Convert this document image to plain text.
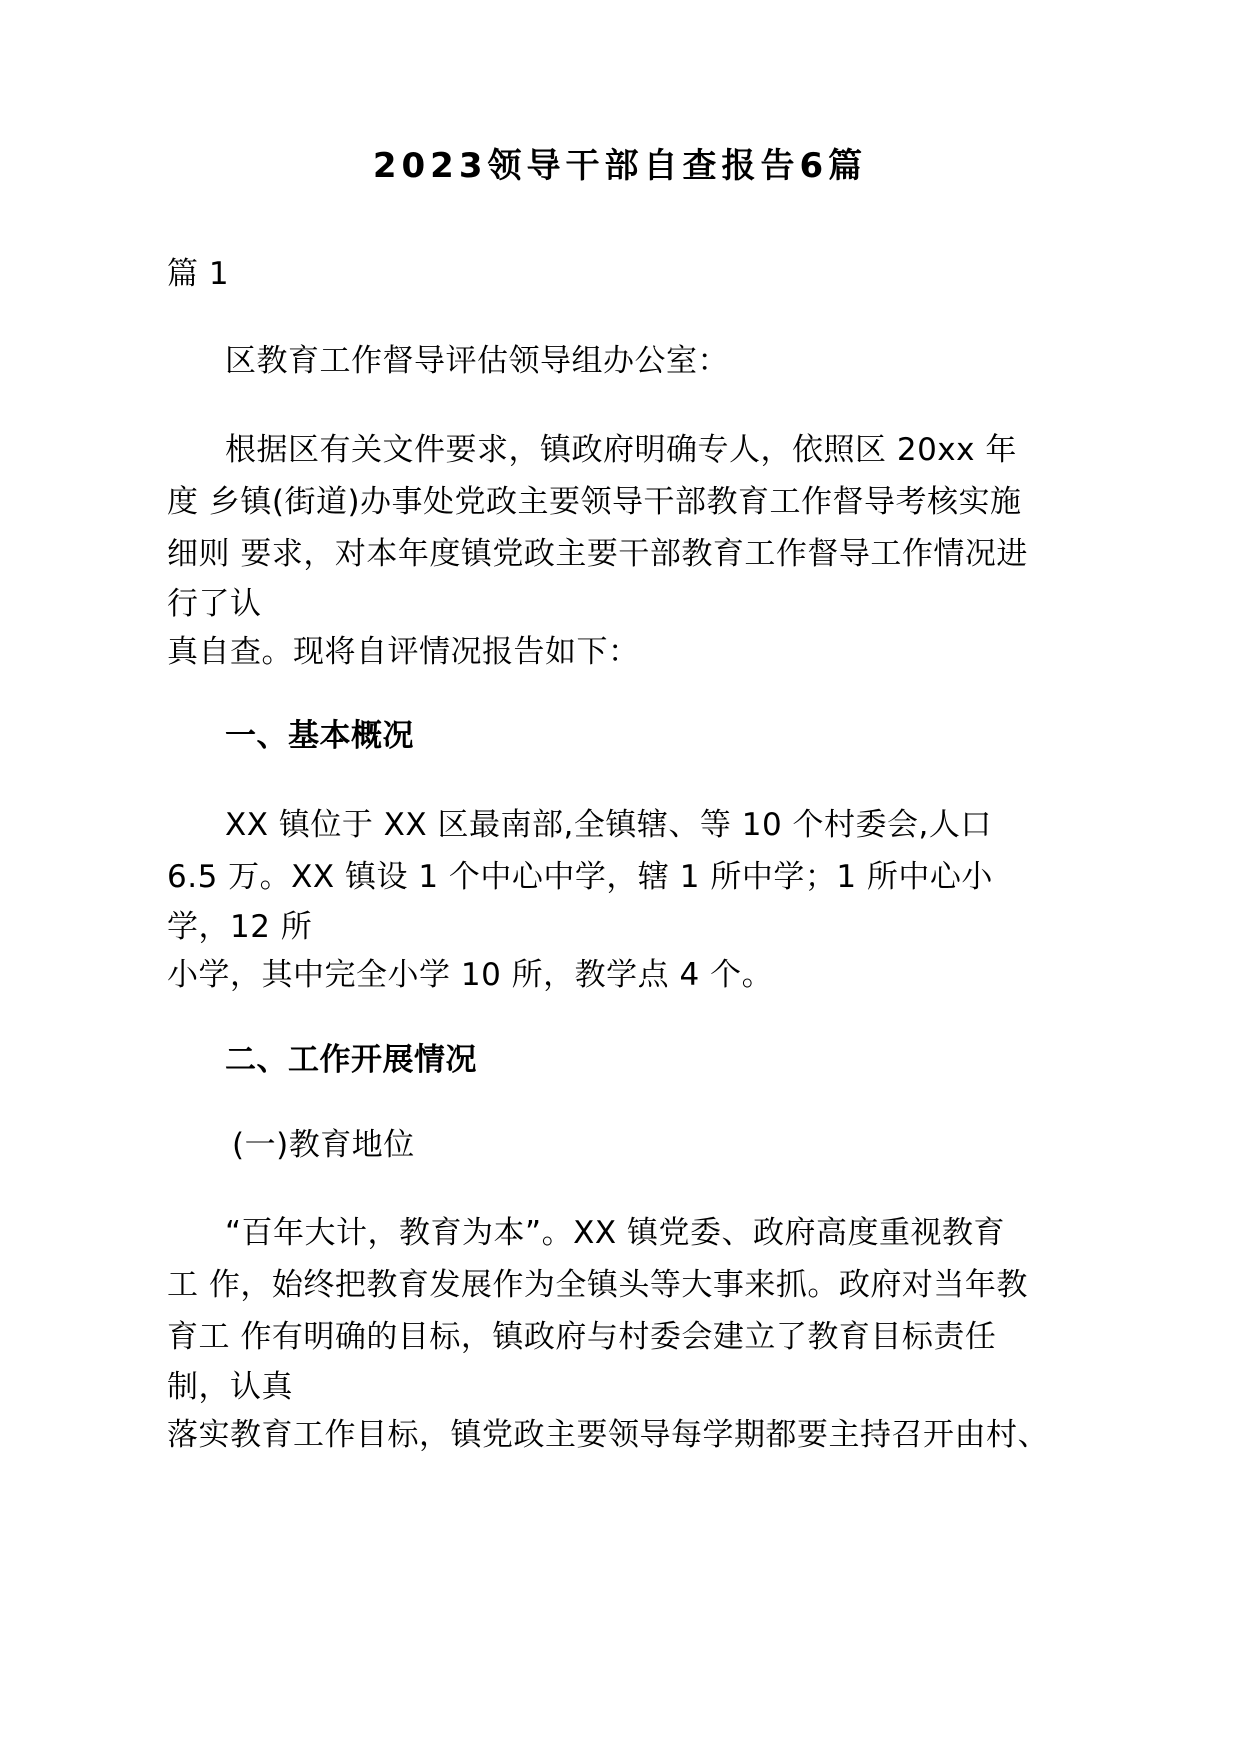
2023领导干部自查报告6篇
篇 1
区教育工作督导评估领导组办公室：
根据区有关文件要求，镇政府明确专人，依照区 20xx 年
度 乡镇(街道)办事处党政主要领导干部教育工作督导考核实施
细则 要求，对本年度镇党政主要干部教育工作督导工作情况进
行了认
真自查。现将自评情况报告如下：
一、基本概况
XX 镇位于 XX 区最南部,全镇辖、等 10 个村委会,人口
6.5 万。XX 镇设 1 个中心中学，辖 1 所中学；1 所中心小
学，12 所
小学，其中完全小学 10 所，教学点 4 个。
二、工作开展情况
(一)教育地位
“百年大计，教育为本”。XX 镇党委、政府高度重视教育
工 作，始终把教育发展作为全镇头等大事来抓。政府对当年教
育工 作有明确的目标，镇政府与村委会建立了教育目标责任
制，认真
落实教育工作目标，镇党政主要领导每学期都要主持召开由村、
